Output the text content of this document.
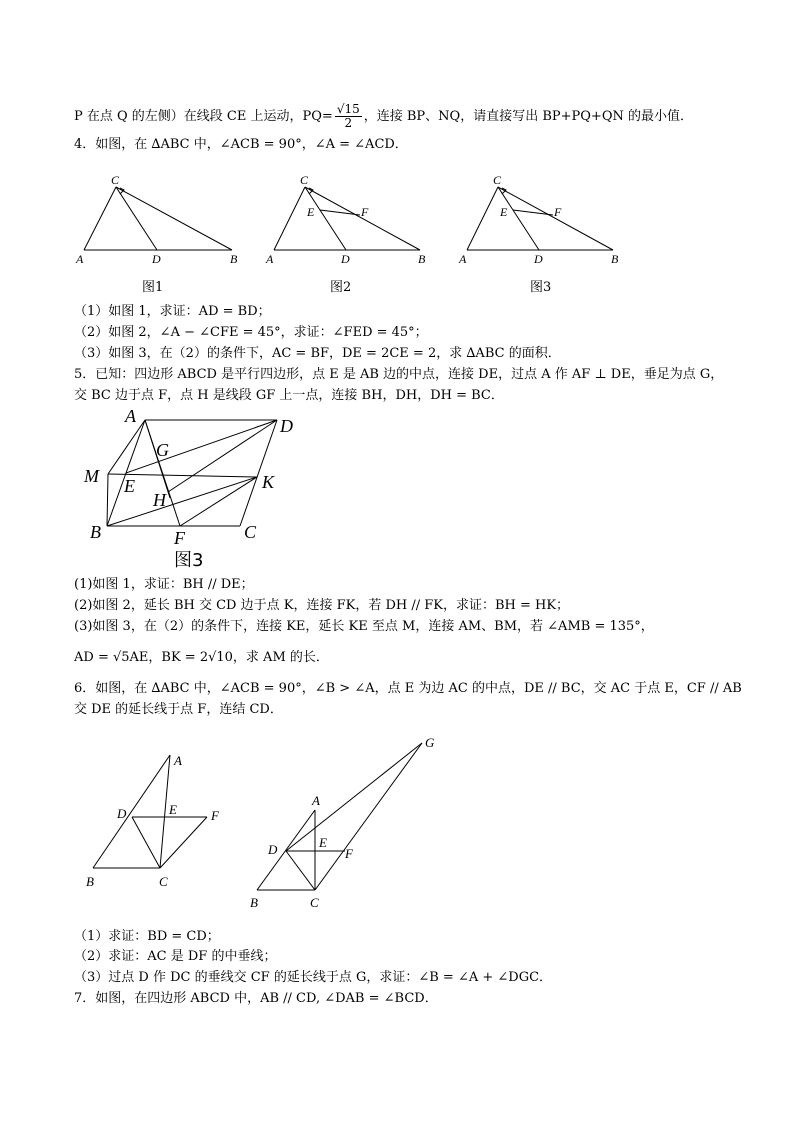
P 在点 Q 的左侧）在线段 CE 上运动，$PQ= \frac{√15}{2}$ ，连接 BP、NQ，请直接写出 BP+PQ+QN 的最小值．
4．如图，在 ∆ABC 中，∠ACB = 90°，∠A = ∠ACD．
C
A	D	B
图1
C
E	F
A	D	B
图2
C
E	F
A	D	B
图3
（1）如图 1，求证：AD = BD；
（2）如图 2，∠A − ∠CFE = 45°，求证：∠FED = 45°；
（3）如图 3，在（2）的条件下，AC = BF，DE = 2CE = 2，求 ∆ABC 的面积．
5．已知：四边形 ABCD 是平行四边形，点 E 是 AB 边的中点，连接 DE，过点 A 作 AF ⊥ DE，垂足为点 G，
交 BC 边于点 F，点 H 是线段 GF 上一点，连接 BH，DH，DH = BC．
A	D
G
M E	K
H
B	F	C
图3
(1)如图 1，求证：BH // DE；
(2)如图 2，延长 BH 交 CD 边于点 K，连接 FK，若 DH // FK，求证：BH = HK；
(3)如图 3，在（2）的条件下，连接 KE，延长 KE 至点 M，连接 AM、BM，若 ∠AMB = 135°，
AD = √5AE，BK = 2√10，求 AM 的长．
6．如图，在 ∆ABC 中，∠ACB = 90°，∠B > ∠A，点 E 为边 AC 的中点，DE // BC，交 AC 于点 E，CF // AB
交 DE 的延长线于点 F，连结 CD．
A
D	E	F
B	C
G
A
D	E
F
B	C
（1）求证：BD = CD；
（2）求证：AC 是 DF 的中垂线；
（3）过点 D 作 DC 的垂线交 CF 的延长线于点 G，求证：∠B = ∠A + ∠DGC．
7．如图，在四边形 ABCD 中，AB // CD, ∠DAB = ∠BCD．
